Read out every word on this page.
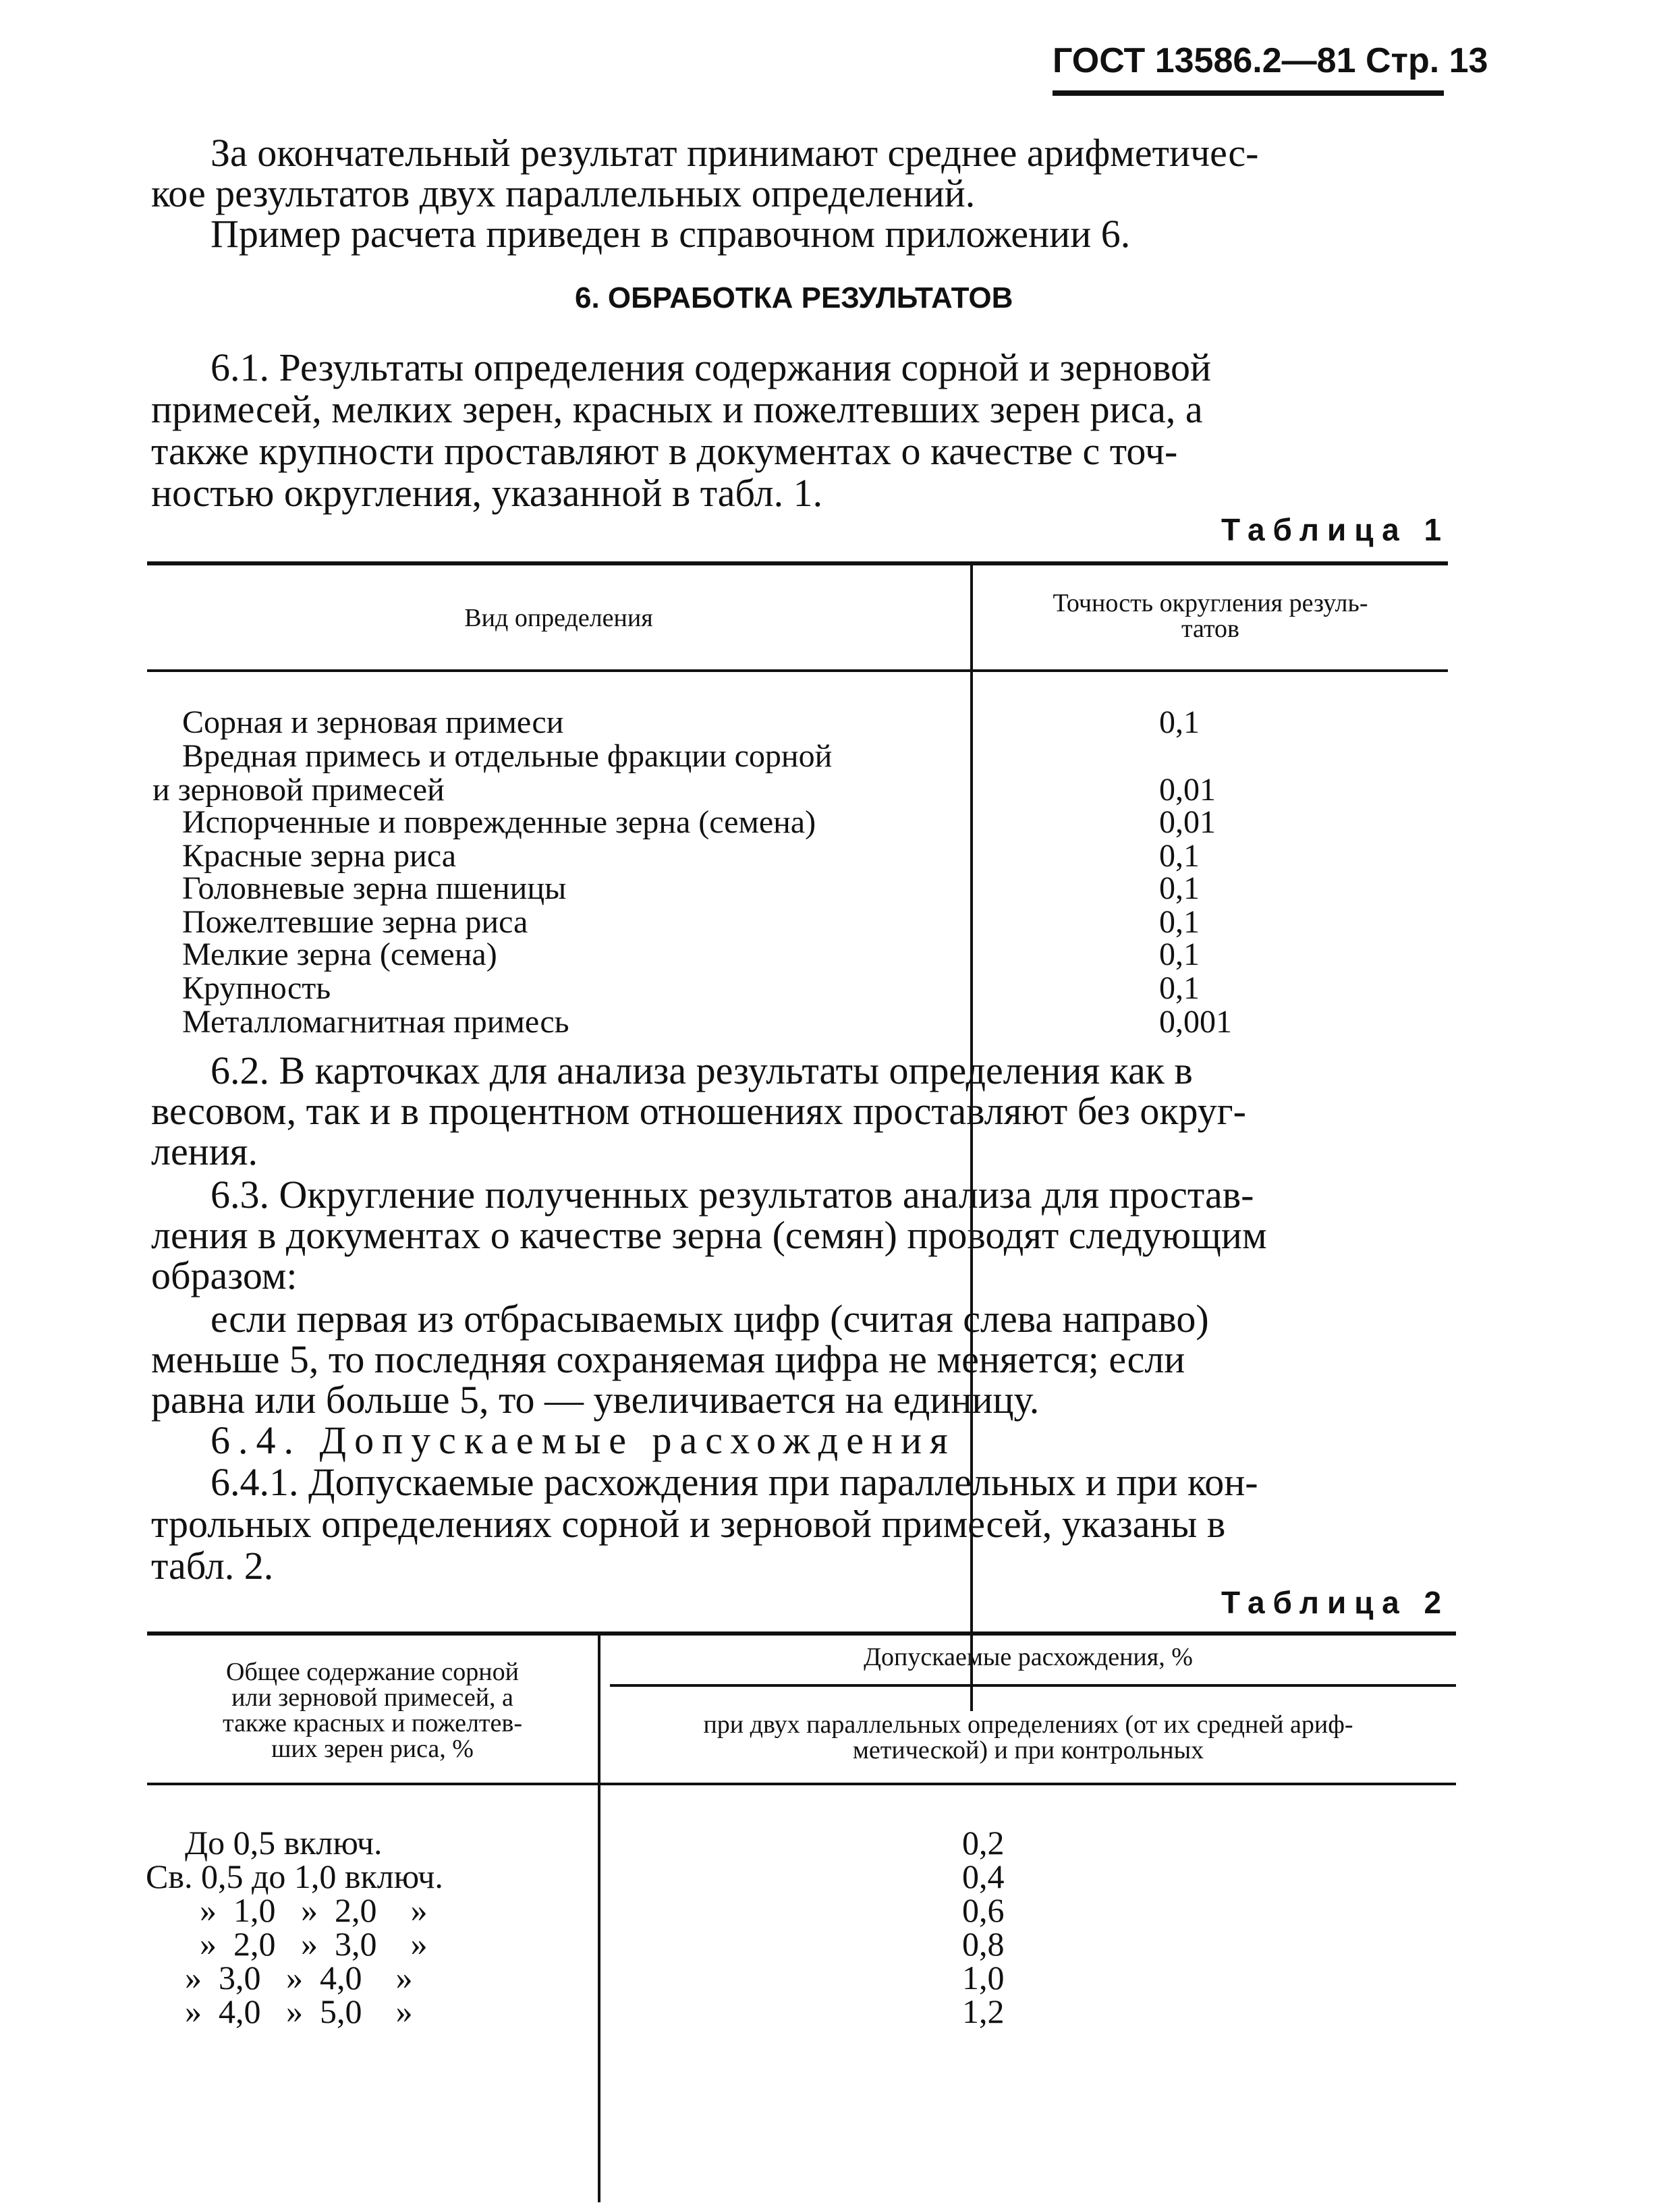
ГОСТ 13586.2—81 Стр. 13
За окончательный результат принимают среднее арифметичес-
кое результатов двух параллельных определений.
Пример расчета приведен в справочном приложении 6.
6. ОБРАБОТКА РЕЗУЛЬТАТОВ
6.1. Результаты определения содержания сорной и зерновой
примесей, мелких зерен, красных и пожелтевших зерен риса, а
также крупности проставляют в документах о качестве с точ-
ностью округления, указанной в табл. 1.
Таблица 1
Вид определения
Точность округления резуль-
татов
Сорная и зерновая примеси	0,1
Вредная примесь и отдельные фракции сорной
и зерновой примесей	0,01
Испорченные и поврежденные зерна (семена)	0,01
Красные зерна риса	0,1
Головневые зерна пшеницы	0,1
Пожелтевшие зерна риса	0,1
Мелкие зерна (семена)	0,1
Крупность	0,1
Металломагнитная примесь	0,001
6.2. В карточках для анализа результаты определения как в
весовом, так и в процентном отношениях проставляют без округ-
ления.
6.3. Округление полученных результатов анализа для простав-
ления в документах о качестве зерна (семян) проводят следующим
образом:
если первая из отбрасываемых цифр (считая слева направо)
меньше 5, то последняя сохраняемая цифра не меняется; если
равна или больше 5, то — увеличивается на единицу.
6.4. Допускаемые расхождения
6.4.1. Допускаемые расхождения при параллельных и при кон-
трольных определениях сорной и зерновой примесей, указаны в
табл. 2.
Таблица 2
Общее содержание сорной
или зерновой примесей, а
также красных и пожелтев-
ших зерен риса, %
Допускаемые расхождения, %
при двух параллельных определениях (от их средней ариф-
метической) и при контрольных
До 0,5 включ.	0,2
Св. 0,5 до 1,0 включ.	0,4
»  1,0   »  2,0    »	0,6
»  2,0   »  3,0    »	0,8
»  3,0   »  4,0    »	1,0
»  4,0   »  5,0    »	1,2
